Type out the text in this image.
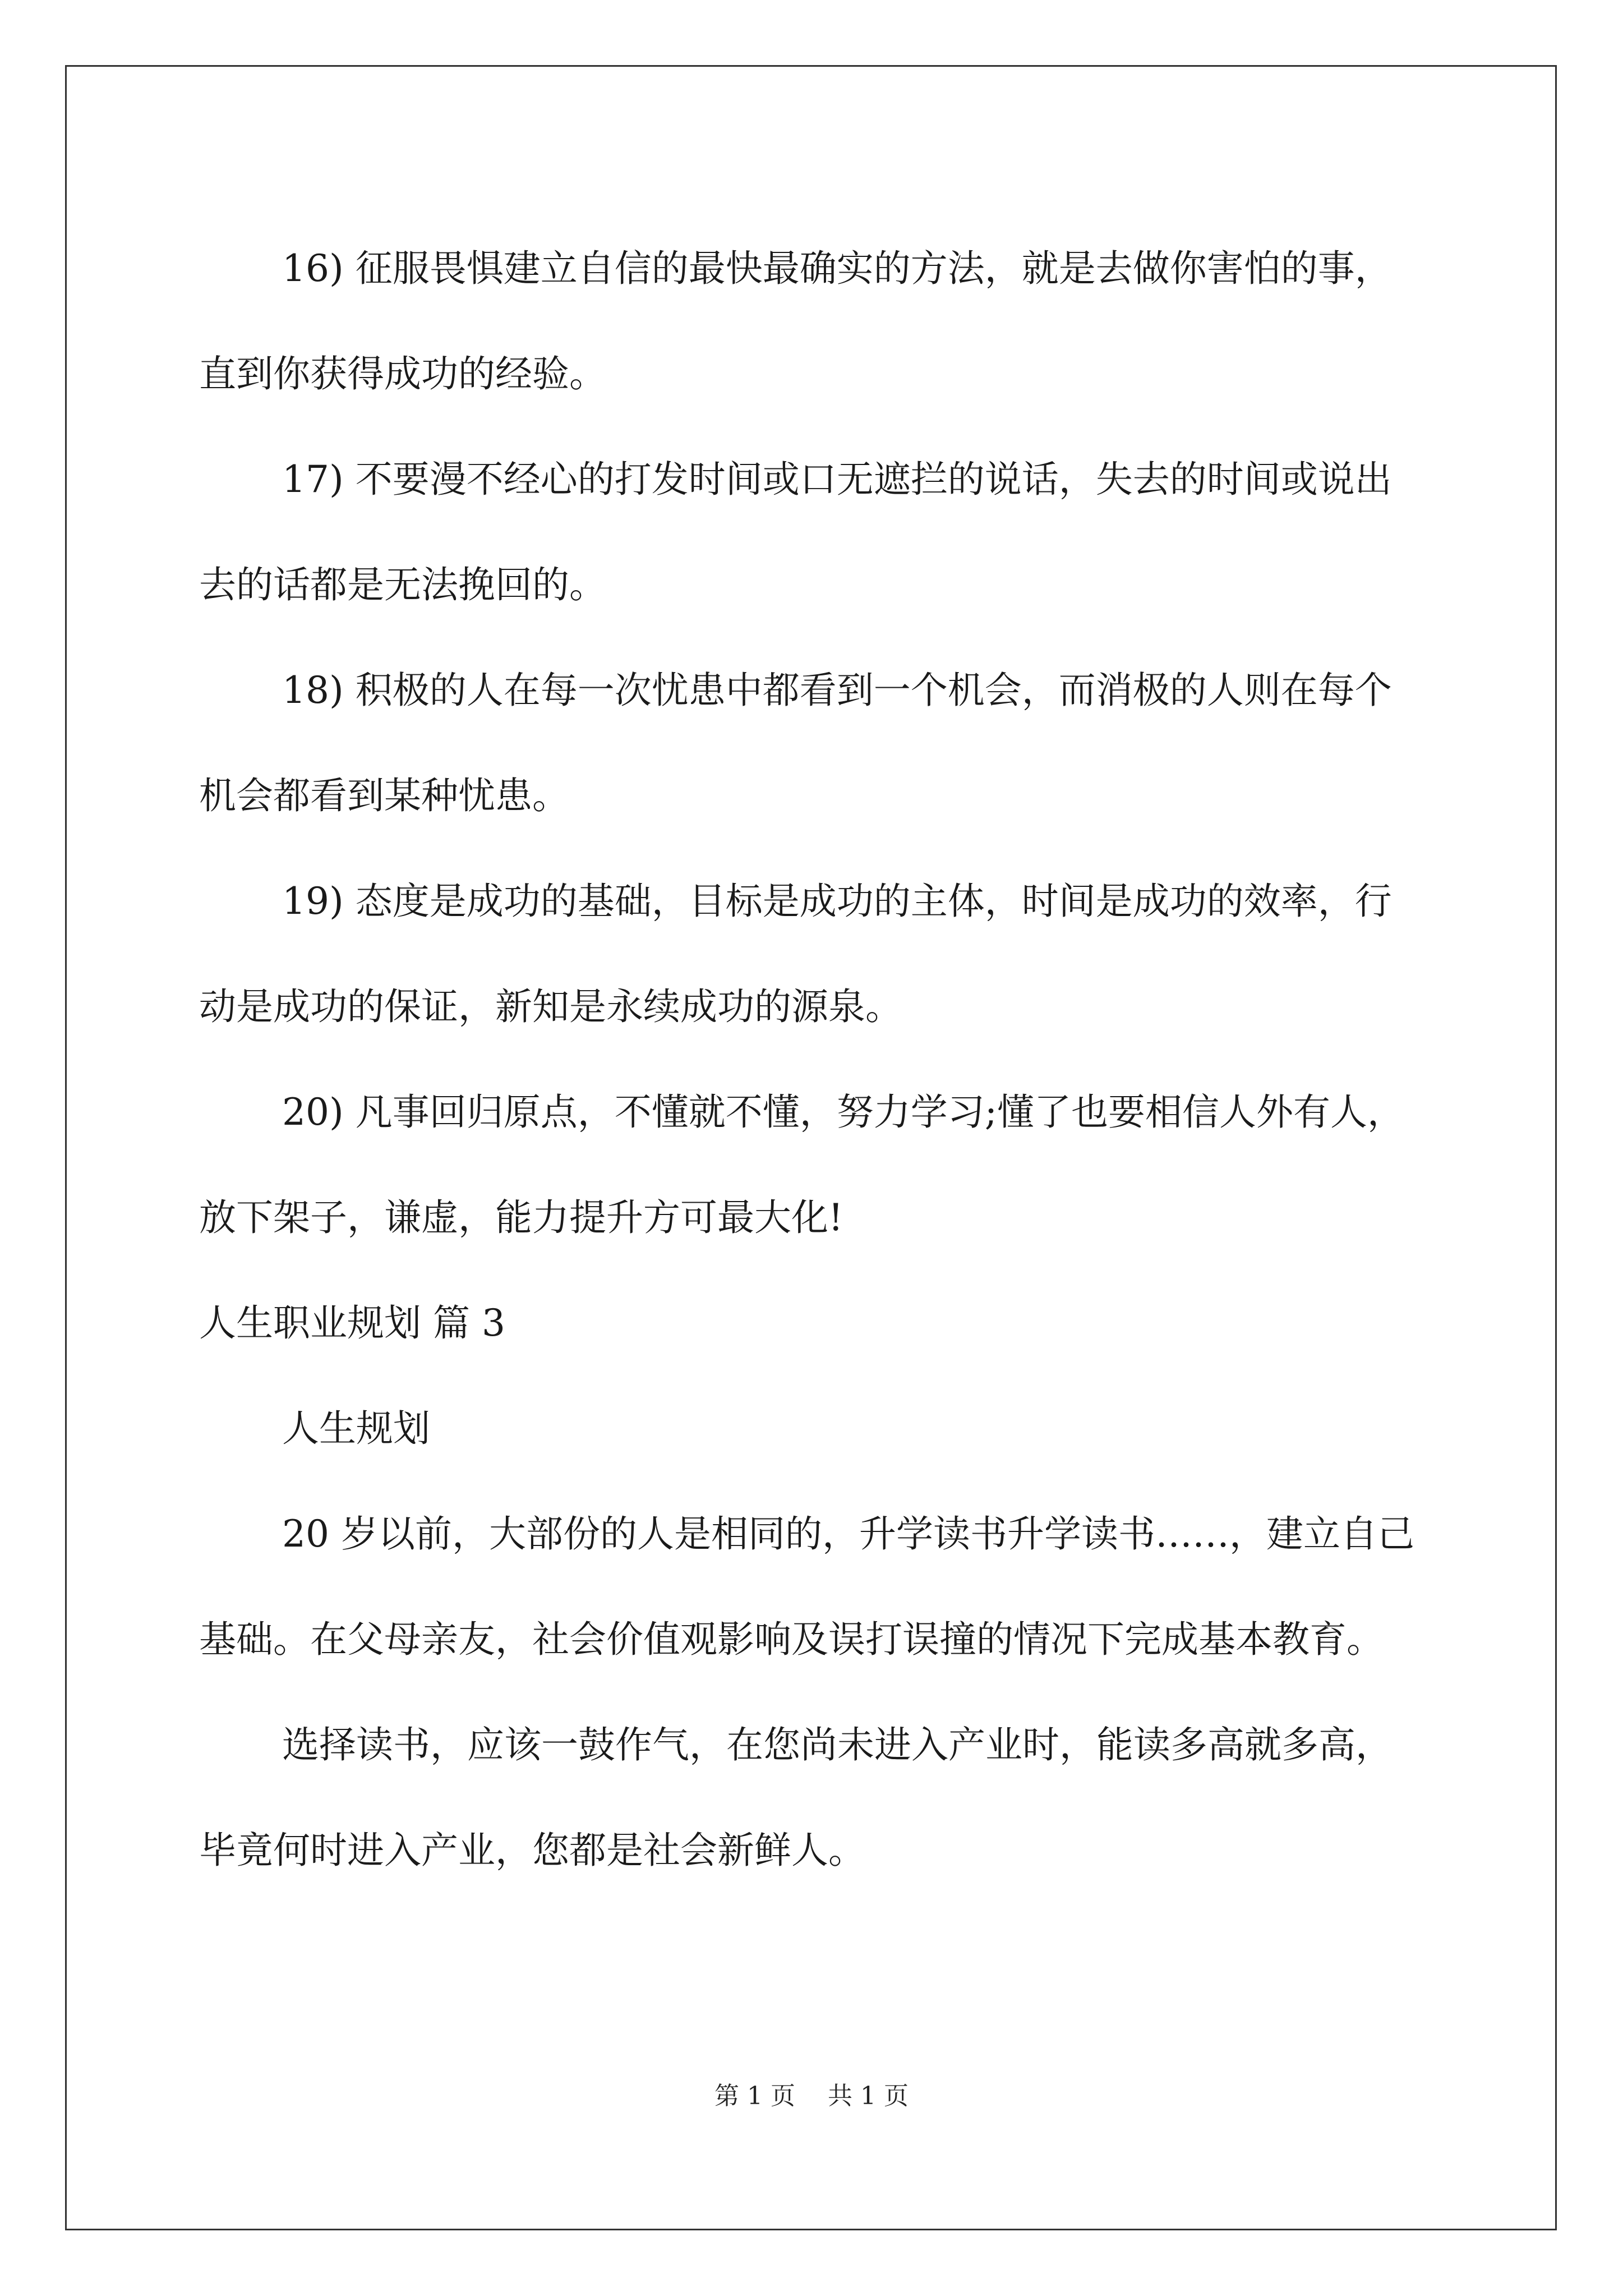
16) 征服畏惧建立自信的最快最确实的方法，就是去做你害怕的事，直到你获得成功的经验。

17) 不要漫不经心的打发时间或口无遮拦的说话，失去的时间或说出去的话都是无法挽回的。

18) 积极的人在每一次忧患中都看到一个机会，而消极的人则在每个机会都看到某种忧患。

19) 态度是成功的基础，目标是成功的主体，时间是成功的效率，行动是成功的保证，新知是永续成功的源泉。

20) 凡事回归原点，不懂就不懂，努力学习;懂了也要相信人外有人，放下架子，谦虚，能力提升方可最大化!

人生职业规划 篇 3

人生规划

20 岁以前，大部份的人是相同的，升学读书升学读书……，建立自己基础。在父母亲友，社会价值观影响及误打误撞的情况下完成基本教育。

选择读书，应该一鼓作气，在您尚未进入产业时，能读多高就多高，毕竟何时进入产业，您都是社会新鲜人。

第 1 页 共 1 页
